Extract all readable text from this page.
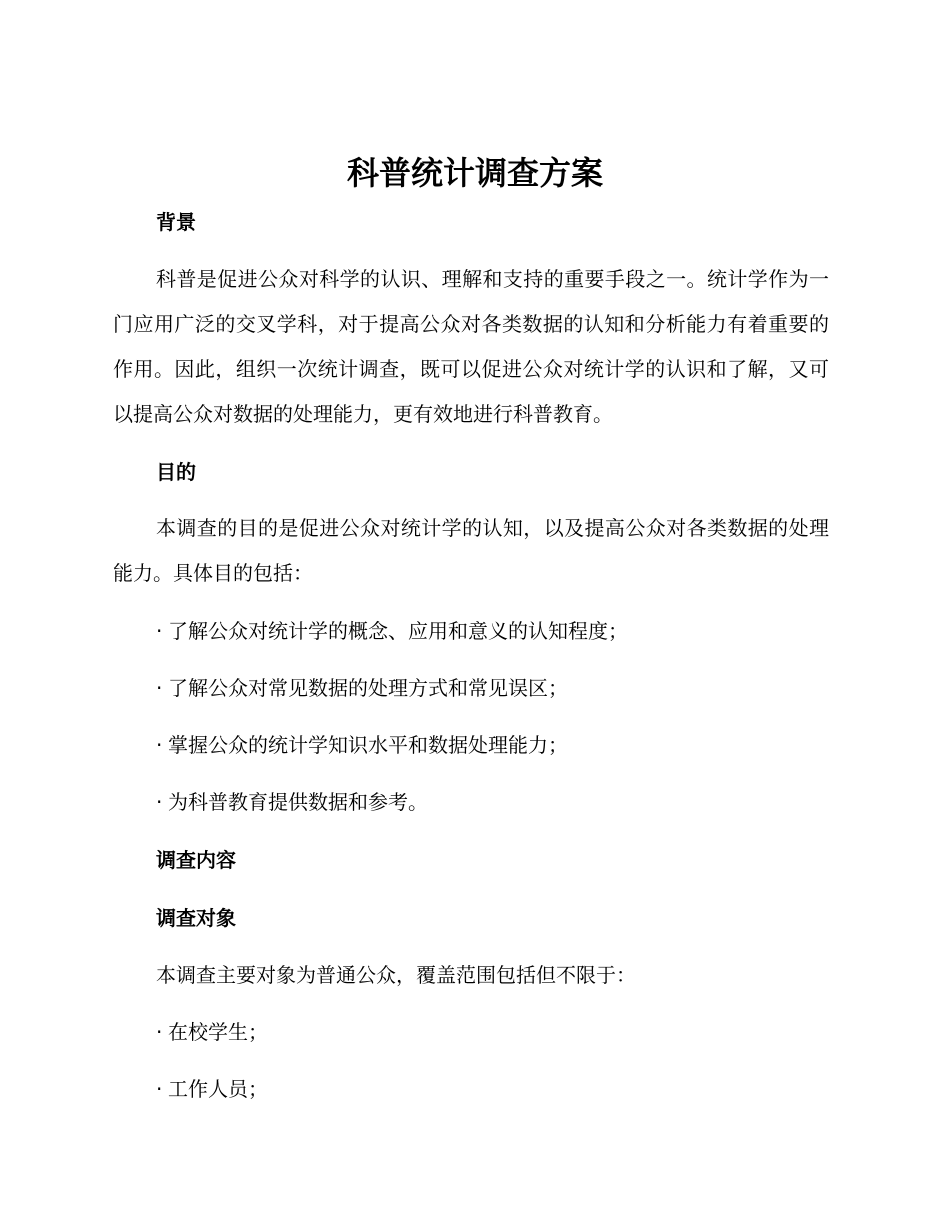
科普统计调查方案
背景

科普是促进公众对科学的认识、理解和支持的重要手段之一。统计学作为一门应用广泛的交叉学科，对于提高公众对各类数据的认知和分析能力有着重要的作用。因此，组织一次统计调查，既可以促进公众对统计学的认识和了解，又可以提高公众对数据的处理能力，更有效地进行科普教育。

目的

本调查的目的是促进公众对统计学的认知，以及提高公众对各类数据的处理能力。具体目的包括：

· 了解公众对统计学的概念、应用和意义的认知程度；
· 了解公众对常见数据的处理方式和常见误区；
· 掌握公众的统计学知识水平和数据处理能力；
· 为科普教育提供数据和参考。
调查内容
调查对象
本调查主要对象为普通公众，覆盖范围包括但不限于：
· 在校学生；
· 工作人员；
